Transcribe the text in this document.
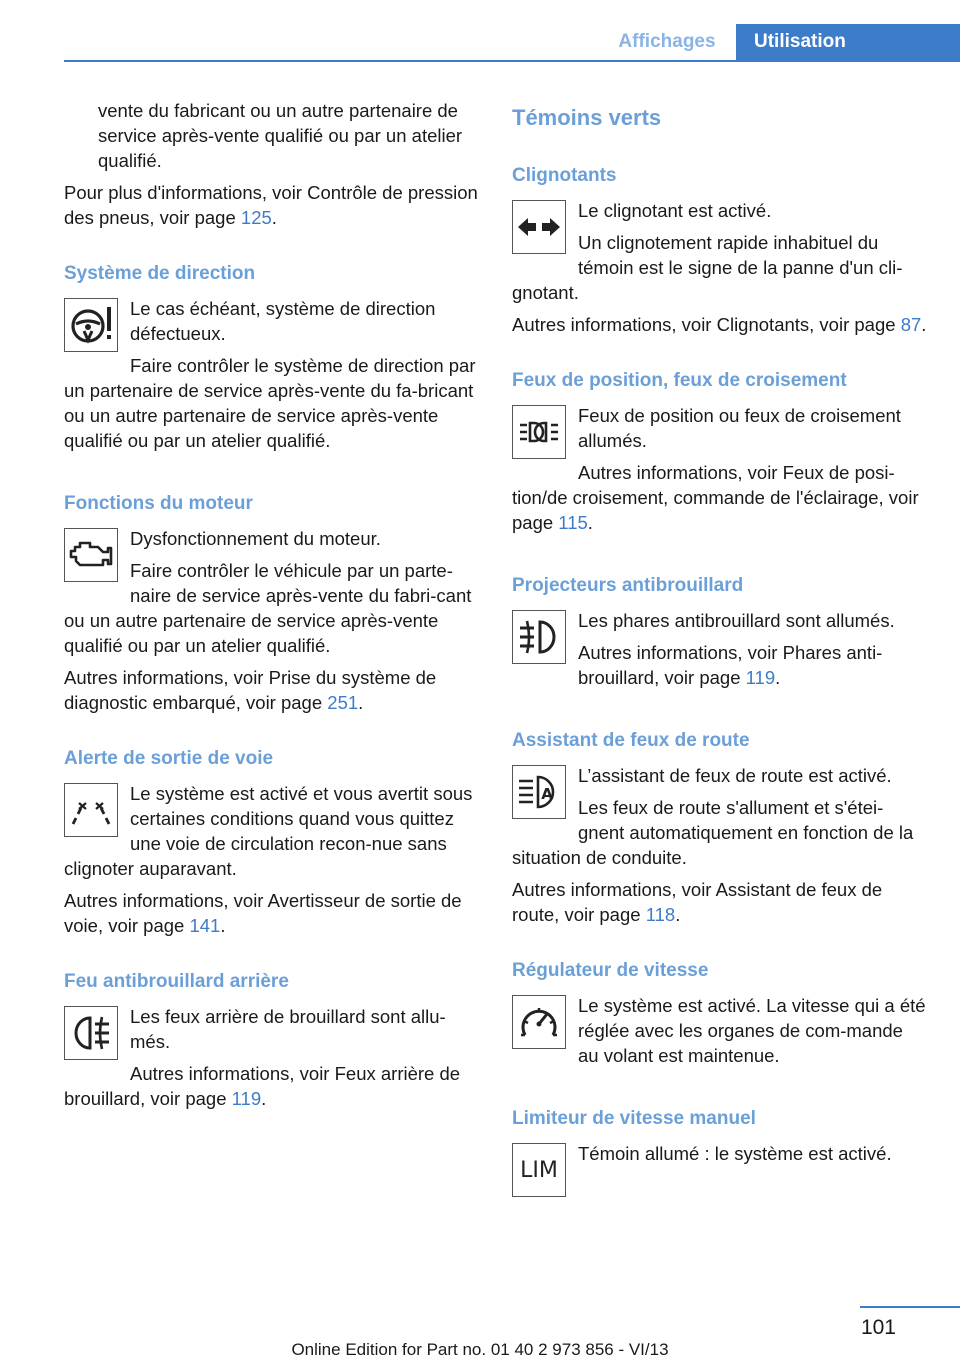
Affichages	Utilisation

vente du fabricant ou un autre partenaire de service après-vente qualifié ou par un atelier qualifié.

Pour plus d'informations, voir Contrôle de pression des pneus, voir page 125.

Système de direction

Le cas échéant, système de direction défectueux.

Faire contrôler le système de direction par un partenaire de service après-vente du fa-bricant ou un autre partenaire de service après-vente qualifié ou par un atelier qualifié.

Fonctions du moteur

Dysfonctionnement du moteur.

Faire contrôler le véhicule par un parte-naire de service après-vente du fabri-cant ou un autre partenaire de service après-vente qualifié ou par un atelier qualifié.

Autres informations, voir Prise du système de diagnostic embarqué, voir page 251.

Alerte de sortie de voie

Le système est activé et vous avertit sous certaines conditions quand vous quittez une voie de circulation recon-nue sans clignoter auparavant.

Autres informations, voir Avertisseur de sortie de voie, voir page 141.

Feu antibrouillard arrière

Les feux arrière de brouillard sont allu-més.

Autres informations, voir Feux arrière de brouillard, voir page 119.

Témoins verts
Clignotants

Le clignotant est activé.

Un clignotement rapide inhabituel du témoin est le signe de la panne d'un cli-gnotant.

Autres informations, voir Clignotants, voir page 87.

Feux de position, feux de croisement

Feux de position ou feux de croisement allumés.

Autres informations, voir Feux de posi-tion/de croisement, commande de l'éclairage, voir page 115.

Projecteurs antibrouillard

Les phares antibrouillard sont allumés.

Autres informations, voir Phares anti-brouillard, voir page 119.

Assistant de feux de route
A

L’assistant de feux de route est activé.

Les feux de route s'allument et s'étei-gnent automatiquement en fonction de la situation de conduite.

Autres informations, voir Assistant de feux de route, voir page 118.

Régulateur de vitesse

Le système est activé. La vitesse qui a été réglée avec les organes de com-mande au volant est maintenue.

Limiteur de vitesse manuel
LIM

Témoin allumé : le système est activé.

101
Online Edition for Part no. 01 40 2 973 856 - VI/13
